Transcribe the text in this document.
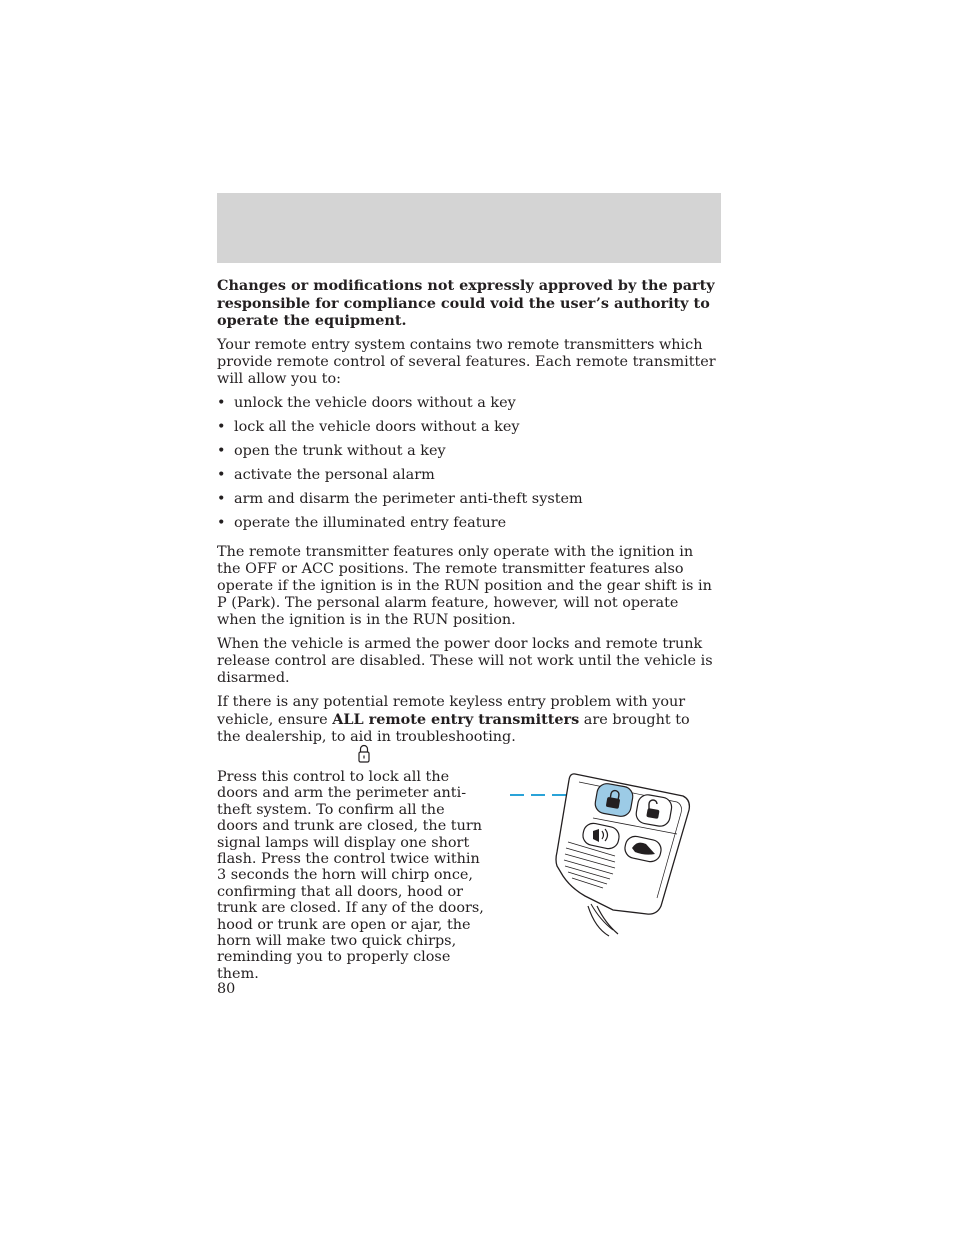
Changes or modifications not expressly approved by the party responsible for compliance could void the user’s authority to operate the equipment.

Your remote entry system contains two remote transmitters which provide remote control of several features. Each remote transmitter will allow you to:

• unlock the vehicle doors without a key
• lock all the vehicle doors without a key
• open the trunk without a key
• activate the personal alarm
• arm and disarm the perimeter anti-theft system
• operate the illuminated entry feature

The remote transmitter features only operate with the ignition in the OFF or ACC positions. The remote transmitter features also operate if the ignition is in the RUN position and the gear shift is in P (Park). The personal alarm feature, however, will not operate when the ignition is in the RUN position.

When the vehicle is armed the power door locks and remote trunk release control are disabled. These will not work until the vehicle is disarmed.

If there is any potential remote keyless entry problem with your vehicle, ensure ALL remote entry transmitters are brought to the dealership, to aid in troubleshooting.

Press this control to lock all the doors and arm the perimeter anti-theft system. To confirm all the doors and trunk are closed, the turn signal lamps will display one short flash. Press the control twice within 3 seconds the horn will chirp once, confirming that all doors, hood or trunk are closed. If any of the doors, hood or trunk are open or ajar, the horn will make two quick chirps, reminding you to properly close them.

80
